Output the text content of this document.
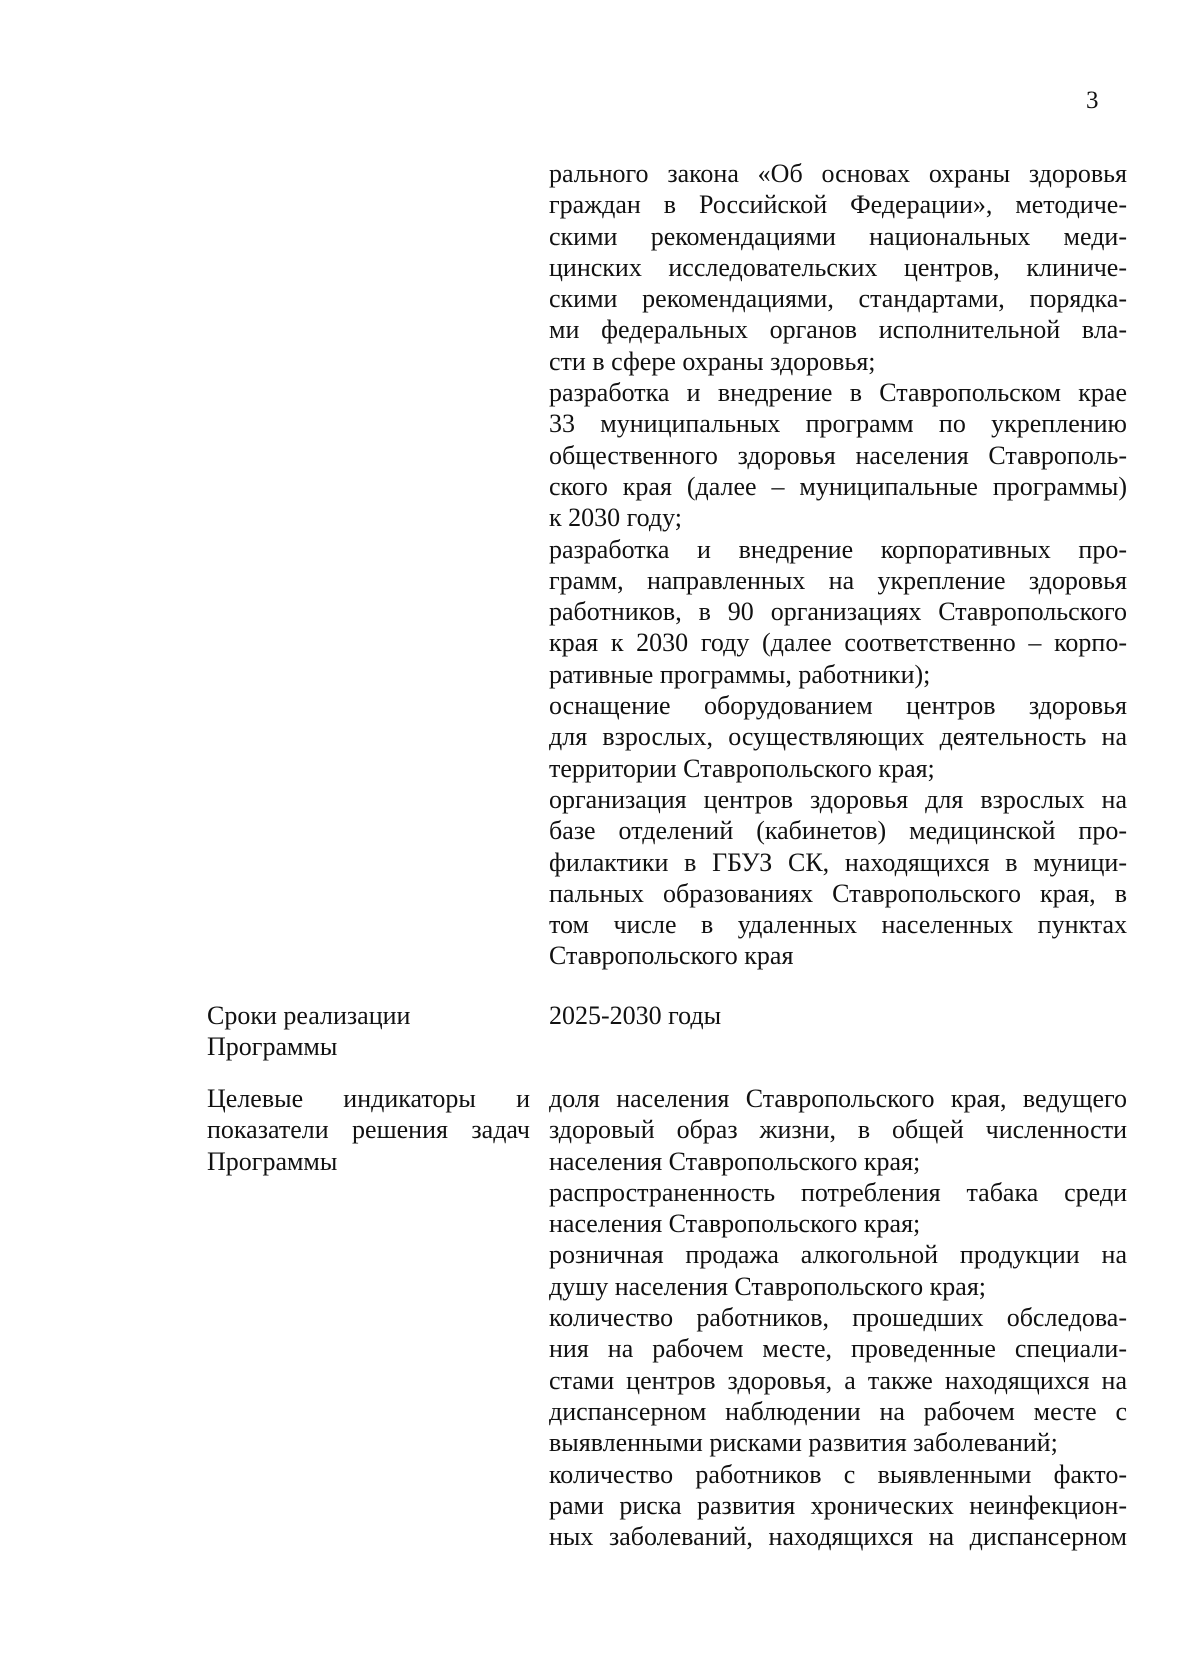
3
рального закона «Об основах охраны здоровья
граждан в Российской Федерации», методиче-
скими рекомендациями национальных меди-
цинских исследовательских центров, клиниче-
скими рекомендациями, стандартами, порядка-
ми федеральных органов исполнительной вла-
сти в сфере охраны здоровья;
разработка и внедрение в Ставропольском крае
33 муниципальных программ по укреплению
общественного здоровья населения Ставрополь-
ского края (далее – муниципальные программы)
к 2030 году;
разработка и внедрение корпоративных про-
грамм, направленных на укрепление здоровья
работников, в 90 организациях Ставропольского
края к 2030 году (далее соответственно – корпо-
ративные программы, работники);
оснащение оборудованием центров здоровья
для взрослых, осуществляющих деятельность на
территории Ставропольского края;
организация центров здоровья для взрослых на
базе отделений (кабинетов) медицинской про-
филактики в ГБУЗ СК, находящихся в муници-
пальных образованиях Ставропольского края, в
том числе в удаленных населенных пунктах
Ставропольского края
Сроки реализации
Программы
2025-2030 годы
Целевые индикаторы и
показатели решения задач
Программы
доля населения Ставропольского края, ведущего
здоровый образ жизни, в общей численности
населения Ставропольского края;
распространенность потребления табака среди
населения Ставропольского края;
розничная продажа алкогольной продукции на
душу населения Ставропольского края;
количество работников, прошедших обследова-
ния на рабочем месте, проведенные специали-
стами центров здоровья, а также находящихся на
диспансерном наблюдении на рабочем месте с
выявленными рисками развития заболеваний;
количество работников с выявленными факто-
рами риска развития хронических неинфекцион-
ных заболеваний, находящихся на диспансерном
